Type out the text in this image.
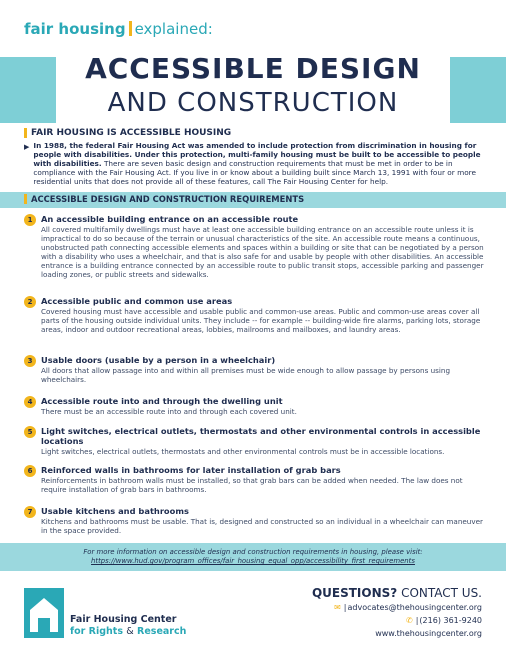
fair housing explained:
ACCESSIBLE DESIGN
AND CONSTRUCTION
FAIR HOUSING IS ACCESSIBLE HOUSING
▶ In 1988, the federal Fair Housing Act was amended to include protection from discrimination in housing for people with disabilities. Under this protection, multi-family housing must be built to be accessible to people with disabilities. There are seven basic design and construction requirements that must be met in order to be in compliance with the Fair Housing Act. If you live in or know about a building built since March 13, 1991 with four or more residential units that does not provide all of these features, call The Fair Housing Center for help.
ACCESSIBLE DESIGN AND CONSTRUCTION REQUIREMENTS
1	An accessible building entrance on an accessible route
All covered multifamily dwellings must have at least one accessible building entrance on an accessible route unless it is impractical to do so because of the terrain or unusual characteristics of the site. An accessible route means a continuous, unobstructed path connecting accessible elements and spaces within a building or site that can be negotiated by a person with a disability who uses a wheelchair, and that is also safe for and usable by people with other disabilities. An accessible entrance is a building entrance connected by an accessible route to public transit stops, accessible parking and passenger loading zones, or public streets and sidewalks.
2	Accessible public and common use areas
Covered housing must have accessible and usable public and common-use areas. Public and common-use areas cover all parts of the housing outside individual units. They include -- for example -- building-wide fire alarms, parking lots, storage areas, indoor and outdoor recreational areas, lobbies, mailrooms and mailboxes, and laundry areas.
3	Usable doors (usable by a person in a wheelchair)
All doors that allow passage into and within all premises must be wide enough to allow passage by persons using wheelchairs.
4	Accessible route into and through the dwelling unit
There must be an accessible route into and through each covered unit.
5	Light switches, electrical outlets, thermostats and other environmental controls in accessible locations
Light switches, electrical outlets, thermostats and other environmental controls must be in accessible locations.
6	Reinforced walls in bathrooms for later installation of grab bars
Reinforcements in bathroom walls must be installed, so that grab bars can be added when needed. The law does not require installation of grab bars in bathrooms.
7	Usable kitchens and bathrooms
Kitchens and bathrooms must be usable. That is, designed and constructed so an individual in a wheelchair can maneuver in the space provided.
For more information on accessible design and construction requirements in housing, please visit:
https://www.hud.gov/program_offices/fair_housing_equal_opp/accessibility_first_requirements
Fair Housing Center
for Rights & Research
QUESTIONS? CONTACT US.
✉ |advocates@thehousingcenter.org
✆ |(216) 361-9240
www.thehousingcenter.org
